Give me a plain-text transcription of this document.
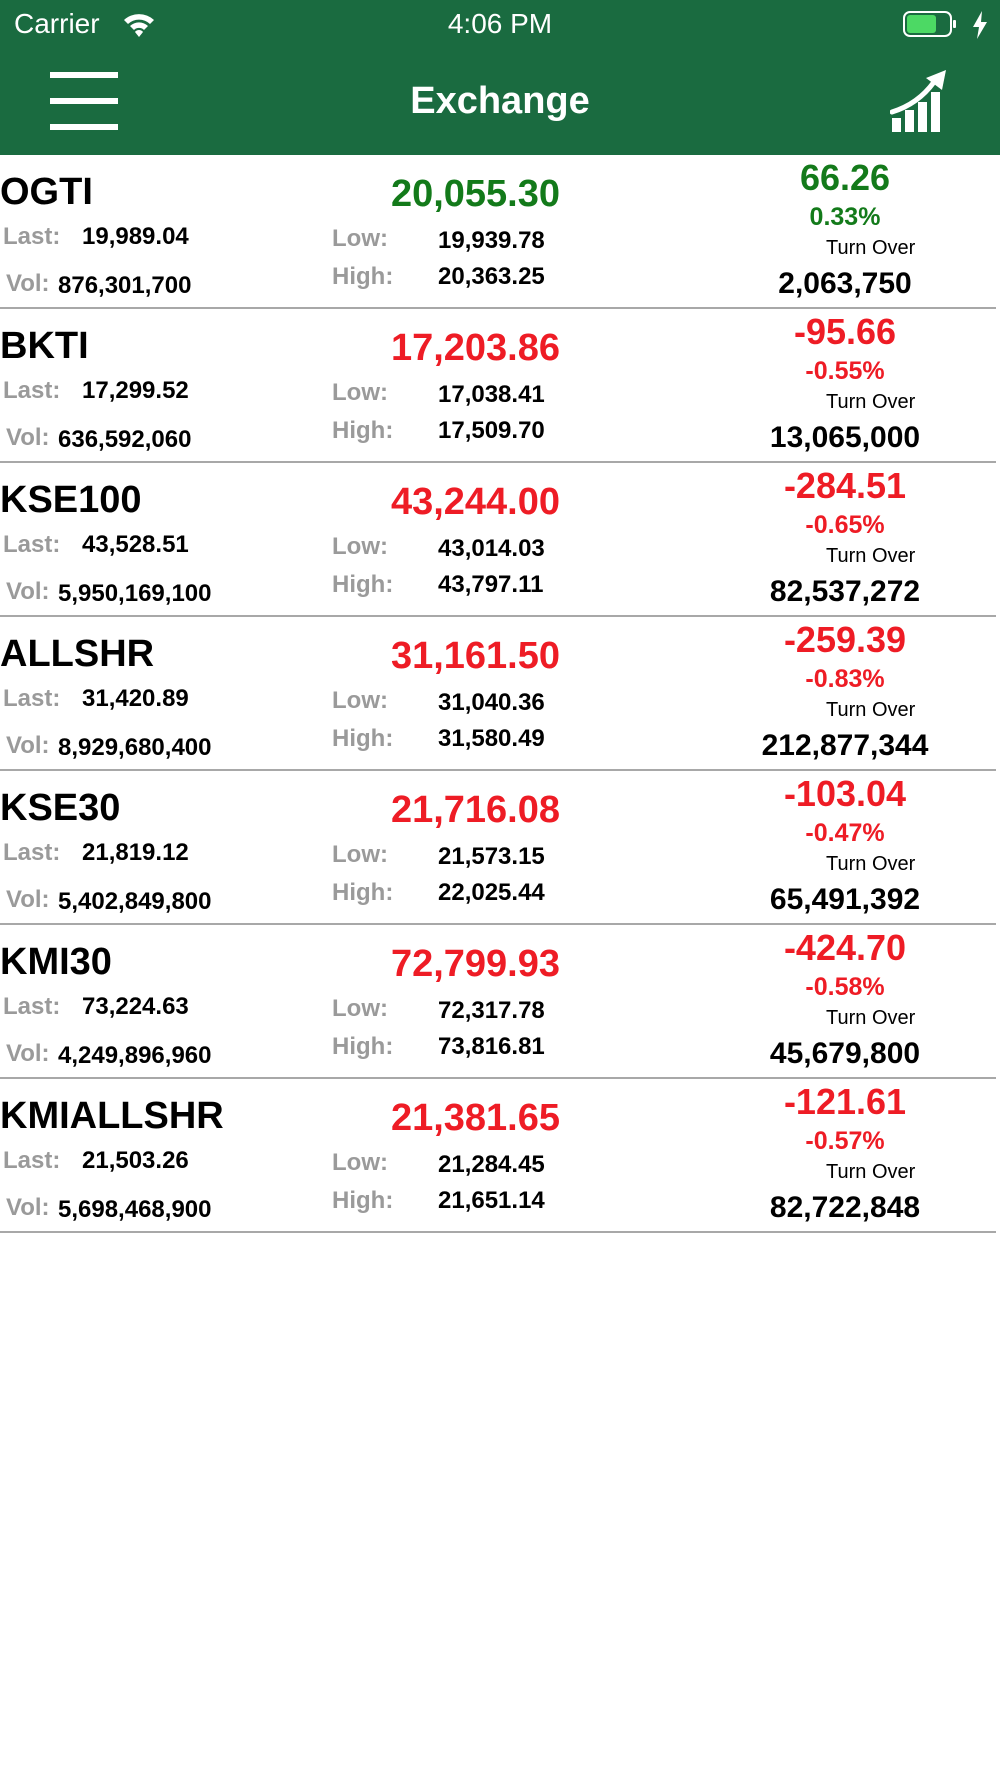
Carrier	4:06 PM
Exchange
OGTI
Last: 19,989.04
Vol: 876,301,700
20,055.30
Low: 19,939.78
High: 20,363.25
66.26
0.33%
Turn Over
2,063,750
BKTI
Last: 17,299.52
Vol: 636,592,060
17,203.86
Low: 17,038.41
High: 17,509.70
-95.66
-0.55%
Turn Over
13,065,000
KSE100
Last: 43,528.51
Vol: 5,950,169,100
43,244.00
Low: 43,014.03
High: 43,797.11
-284.51
-0.65%
Turn Over
82,537,272
ALLSHR
Last: 31,420.89
Vol: 8,929,680,400
31,161.50
Low: 31,040.36
High: 31,580.49
-259.39
-0.83%
Turn Over
212,877,344
KSE30
Last: 21,819.12
Vol: 5,402,849,800
21,716.08
Low: 21,573.15
High: 22,025.44
-103.04
-0.47%
Turn Over
65,491,392
KMI30
Last: 73,224.63
Vol: 4,249,896,960
72,799.93
Low: 72,317.78
High: 73,816.81
-424.70
-0.58%
Turn Over
45,679,800
KMIALLSHR
Last: 21,503.26
Vol: 5,698,468,900
21,381.65
Low: 21,284.45
High: 21,651.14
-121.61
-0.57%
Turn Over
82,722,848
